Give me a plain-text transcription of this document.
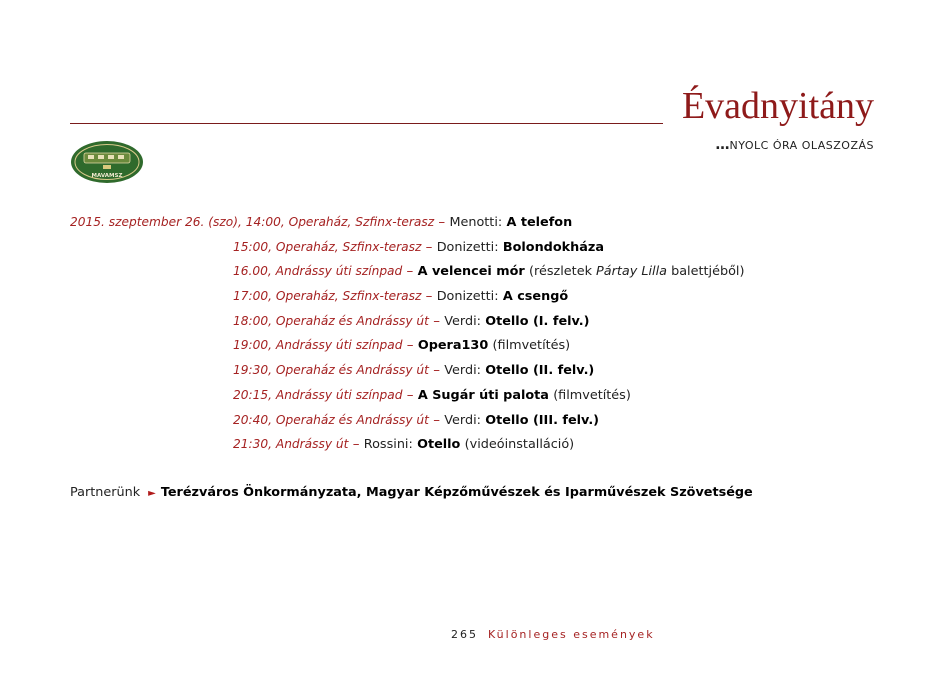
Évadnyitány
…NYOLC ÓRA OLASZOZÁS
MAVAMSZ
2015. szeptember 26. (szo), 14:00, Operaház, Szfinx-terasz – Menotti: A telefon
15:00, Operaház, Szfinx-terasz – Donizetti: Bolondokháza
16.00, Andrássy úti színpad – A velencei mór (részletek Pártay Lilla balettjéből)
17:00, Operaház, Szfinx-terasz – Donizetti: A csengő
18:00, Operaház és Andrássy út – Verdi: Otello (I. felv.)
19:00, Andrássy úti színpad – Opera130 (filmvetítés)
19:30, Operaház és Andrássy út – Verdi: Otello (II. felv.)
20:15, Andrássy úti színpad – A Sugár úti palota (filmvetítés)
20:40, Operaház és Andrássy út – Verdi: Otello (III. felv.)
21:30, Andrássy út – Rossini: Otello (videóinstalláció)
Partnerünk ► Terézváros Önkormányzata, Magyar Képzőművészek és Iparművészek Szövetsége
265 Különleges események
